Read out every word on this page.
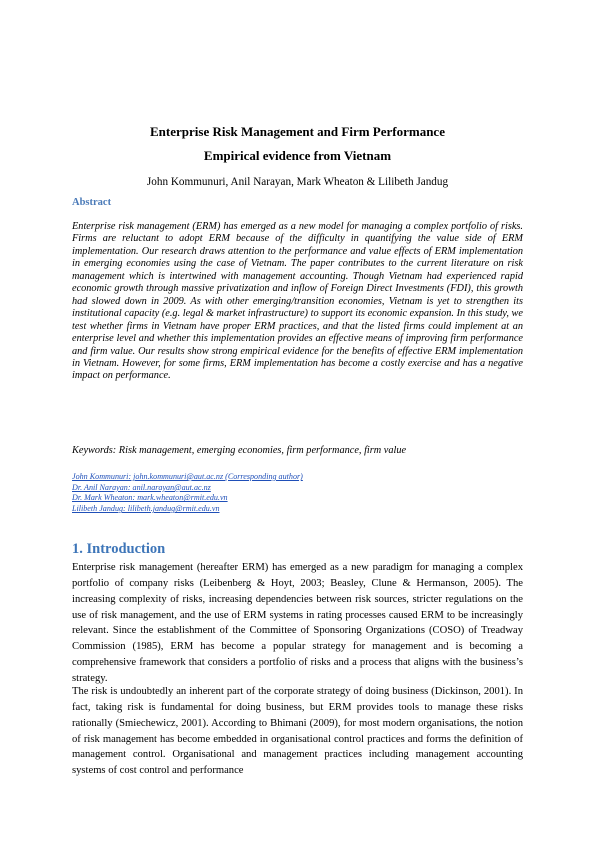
Enterprise Risk Management and Firm Performance
Empirical evidence from Vietnam
John Kommunuri, Anil Narayan, Mark Wheaton & Lilibeth Jandug
Abstract

Enterprise risk management (ERM) has emerged as a new model for managing a complex portfolio of risks. Firms are reluctant to adopt ERM because of the difficulty in quantifying the value side of ERM implementation. Our research draws attention to the performance and value effects of ERM implementation in emerging economies using the case of Vietnam. The paper contributes to the current literature on risk management which is intertwined with management accounting. Though Vietnam had experienced rapid economic growth through massive privatization and inflow of Foreign Direct Investments (FDI), this growth had slowed down in 2009. As with other emerging/transition economies, Vietnam is yet to strengthen its institutional capacity (e.g. legal & market infrastructure) to support its economic expansion. In this study, we test whether firms in Vietnam have proper ERM practices, and that the listed firms could implement at an enterprise level and whether this implementation provides an effective means of improving firm performance and firm value. Our results show strong empirical evidence for the benefits of effective ERM implementation in Vietnam. However, for some firms, ERM implementation has become a costly exercise and has a negative impact on performance.

Keywords: Risk management, emerging economies, firm performance, firm value

John Kommunuri: john.kommunuri@aut.ac.nz (Corresponding author)
Dr. Anil Narayan: anil.narayan@aut.ac.nz
Dr. Mark Wheaton: mark.wheaton@rmit.edu.vn
Lilibeth Jandug: lilibeth.jandug@rmit.edu.vn
1. Introduction

Enterprise risk management (hereafter ERM) has emerged as a new paradigm for managing a complex portfolio of company risks (Leibenberg & Hoyt, 2003; Beasley, Clune & Hermanson, 2005). The increasing complexity of risks, increasing dependencies between risk sources, stricter regulations on the use of risk management, and the use of ERM systems in rating processes caused ERM to be increasingly relevant. Since the establishment of the Committee of Sponsoring Organizations (COSO) of Treadway Commission (1985), ERM has become a popular strategy for management and is becoming a comprehensive framework that considers a portfolio of risks and a process that aligns with the business’s strategy.

The risk is undoubtedly an inherent part of the corporate strategy of doing business (Dickinson, 2001). In fact, taking risk is fundamental for doing business, but ERM provides tools to manage these risks rationally (Smiechewicz, 2001). According to Bhimani (2009), for most modern organisations, the notion of risk management has become embedded in organisational control practices and forms the definition of management control. Organisational and management practices including management accounting systems of cost control and performance
